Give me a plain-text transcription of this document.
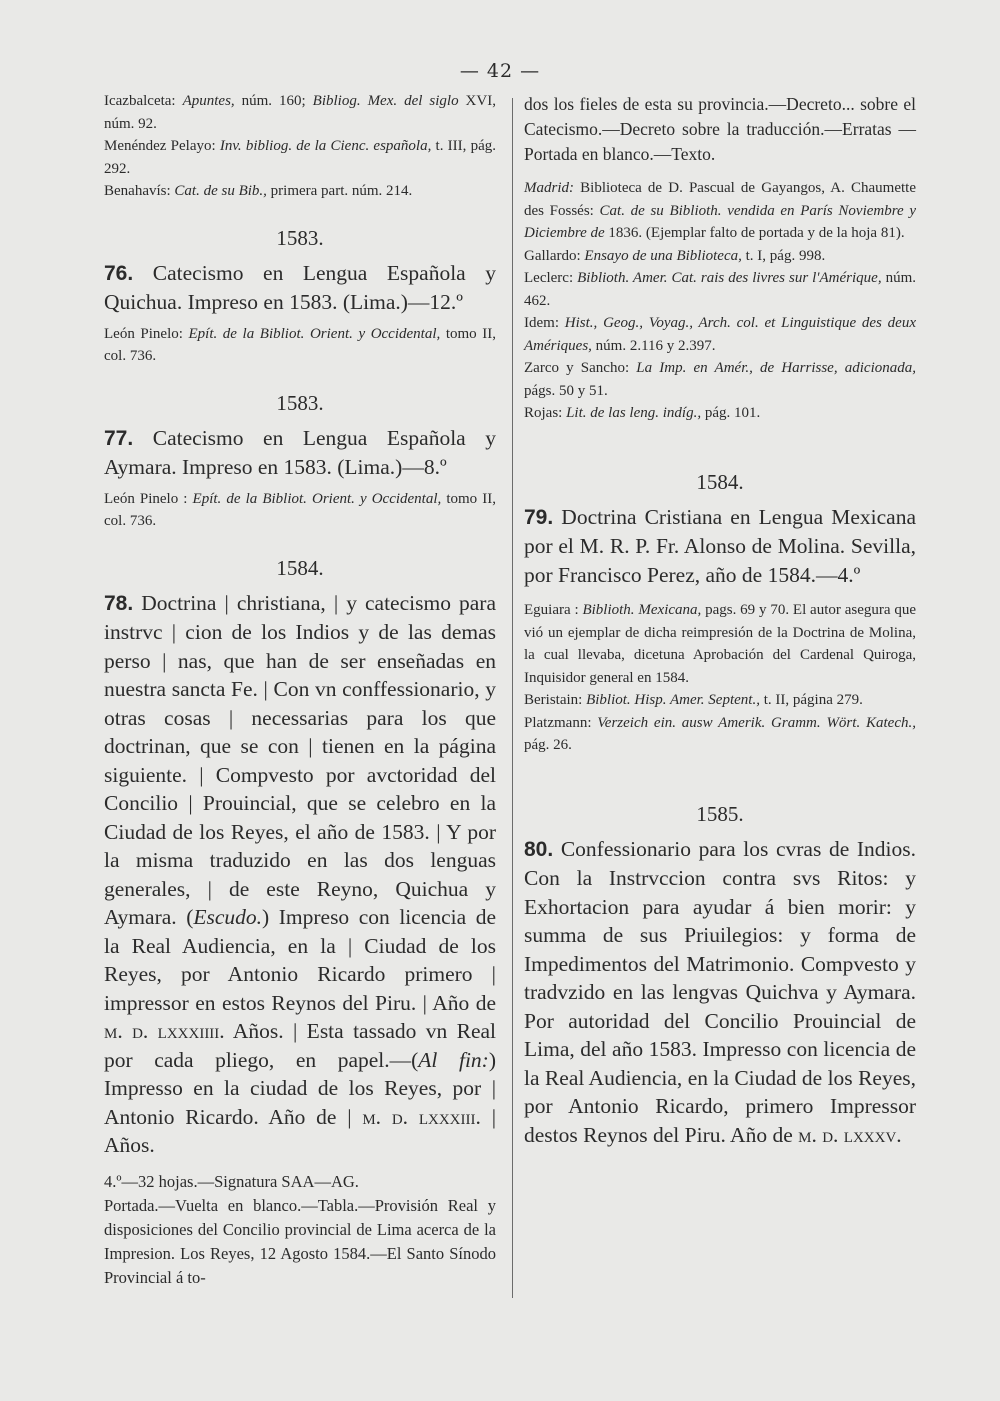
— 42 —

Icazbalceta: Apuntes, núm. 160; Bibliog. Mex. del siglo XVI, núm. 92.

Menéndez Pelayo: Inv. bibliog. de la Cienc. española, t. III, pág. 292.

Benahavís: Cat. de su Bib., primera part. núm. 214.

1583.

76. Catecismo en Lengua Española y Quichua. Impreso en 1583. (Lima.)—12.º

León Pinelo: Epít. de la Bibliot. Orient. y Occidental, tomo II, col. 736.

1583.

77. Catecismo en Lengua Española y Aymara. Impreso en 1583. (Lima.)—8.º

León Pinelo : Epít. de la Bibliot. Orient. y Occidental, tomo II, col. 736.

1584.

78. Doctrina | christiana, | y catecismo para instrvc | cion de los Indios y de las demas perso | nas, que han de ser enseñadas en nuestra sancta Fe. | Con vn conffessionario, y otras cosas | necessarias para los que doctrinan, que se con | tienen en la página siguiente. | Compvesto por avctoridad del Concilio | Prouincial, que se celebro en la Ciudad de los Reyes, el año de 1583. | Y por la misma traduzido en las dos lenguas generales, | de este Reyno, Quichua y Aymara. (Escudo.) Impreso con licencia de la Real Audiencia, en la | Ciudad de los Reyes, por Antonio Ricardo primero | impressor en estos Reynos del Piru. | Año de m. d. lxxxiiii. Años. | Esta tassado vn Real por cada pliego, en papel.—(Al fin:) Impresso en la ciudad de los Reyes, por | Antonio Ricardo. Año de | m. d. lxxxiii. | Años.

4.º—32 hojas.—Signatura SAA—AG.

Portada.—Vuelta en blanco.—Tabla.—Provisión Real y disposiciones del Concilio provincial de Lima acerca de la Impresion. Los Reyes, 12 Agosto 1584.—El Santo Sínodo Provincial á to-

dos los fieles de esta su provincia.—Decreto... sobre el Catecismo.—Decreto sobre la traducción.—Erratas —Portada en blanco.—Texto.

Madrid: Biblioteca de D. Pascual de Gayangos, A. Chaumette des Fossés: Cat. de su Biblioth. vendida en París Noviembre y Diciembre de 1836. (Ejemplar falto de portada y de la hoja 81).

Gallardo: Ensayo de una Biblioteca, t. I, pág. 998.

Leclerc: Biblioth. Amer. Cat. rais des livres sur l'Amérique, núm. 462.

Idem: Hist., Geog., Voyag., Arch. col. et Linguistique des deux Amériques, núm. 2.116 y 2.397.

Zarco y Sancho: La Imp. en Amér., de Harrisse, adicionada, págs. 50 y 51.

Rojas: Lit. de las leng. indíg., pág. 101.

1584.

79. Doctrina Cristiana en Lengua Mexicana por el M. R. P. Fr. Alonso de Molina. Sevilla, por Francisco Perez, año de 1584.—4.º

Eguiara : Biblioth. Mexicana, pags. 69 y 70. El autor asegura que vió un ejemplar de dicha reimpresión de la Doctrina de Molina, la cual llevaba, dicetuna Aprobación del Cardenal Quiroga, Inquisidor general en 1584.

Beristain: Bibliot. Hisp. Amer. Septent., t. II, página 279.

Platzmann: Verzeich ein. ausw Amerik. Gramm. Wört. Katech., pág. 26.

1585.

80. Confessionario para los cvras de Indios. Con la Instrvccion contra svs Ritos: y Exhortacion para ayudar á bien morir: y summa de sus Priuilegios: y forma de Impedimentos del Matrimonio. Compvesto y tradvzido en las lengvas Quichva y Aymara. Por autoridad del Concilio Prouincial de Lima, del año 1583. Impresso con licencia de la Real Audiencia, en la Ciudad de los Reyes, por Antonio Ricardo, primero Impressor destos Reynos del Piru. Año de m. d. lxxxv.
